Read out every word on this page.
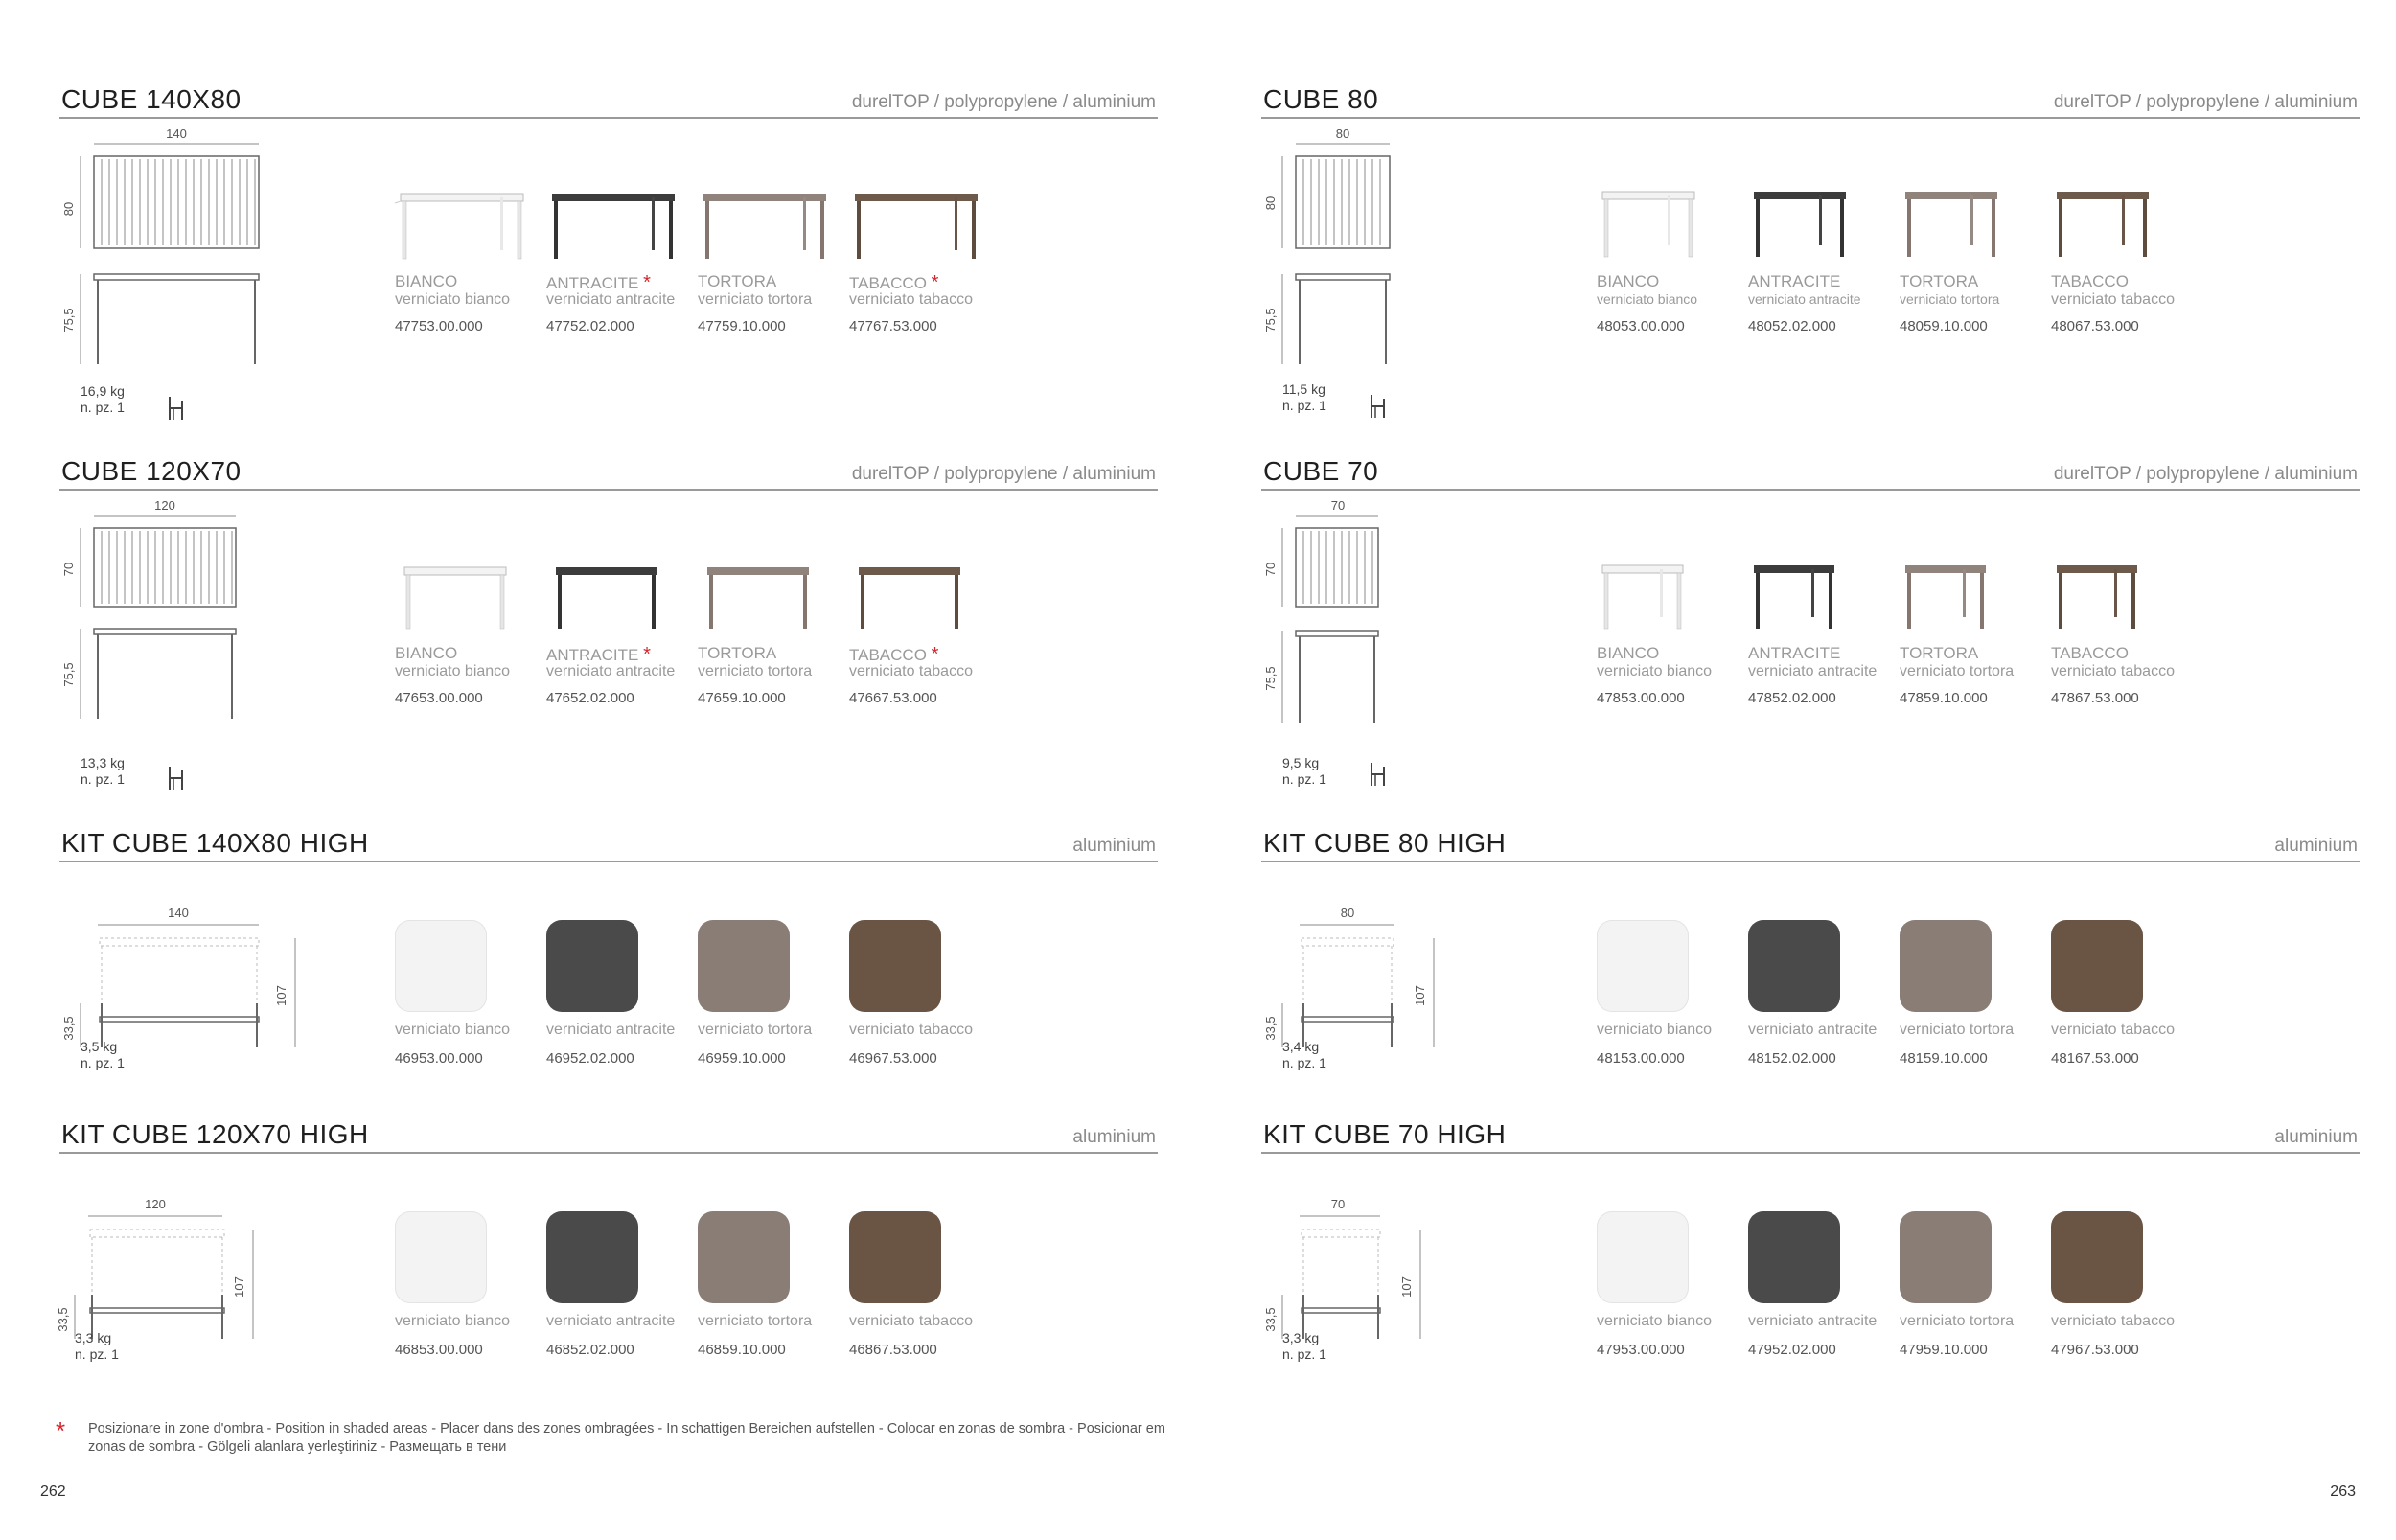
CUBE 140X80	durelTOP / polypropylene / aluminium
140
80
75,5
16,9 kg
n. pz. 1
BIANCO
verniciato bianco
47753.00.000
ANTRACITE *
verniciato antracite
47752.02.000
TORTORA
verniciato tortora
47759.10.000
TABACCO *
verniciato tabacco
47767.53.000
CUBE 120X70	durelTOP / polypropylene / aluminium
120
70
75,5
13,3 kg
n. pz. 1
BIANCO
verniciato bianco
47653.00.000
ANTRACITE *
verniciato antracite
47652.02.000
TORTORA
verniciato tortora
47659.10.000
TABACCO *
verniciato tabacco
47667.53.000
KIT CUBE 140X80 HIGH	aluminium
140
107
33,5
3,5 kg
n. pz. 1
verniciato bianco
46953.00.000
verniciato antracite
46952.02.000
verniciato tortora
46959.10.000
verniciato tabacco
46967.53.000
KIT CUBE 120X70 HIGH	aluminium
120
107
33,5
3,3 kg
n. pz. 1
verniciato bianco
46853.00.000
verniciato antracite
46852.02.000
verniciato tortora
46859.10.000
verniciato tabacco
46867.53.000
CUBE 80	durelTOP / polypropylene / aluminium
80
80
75,5
11,5 kg
n. pz. 1
BIANCO
verniciato bianco
48053.00.000
ANTRACITE
verniciato antracite
48052.02.000
TORTORA
verniciato tortora
48059.10.000
TABACCO
verniciato tabacco
48067.53.000
CUBE 70	durelTOP / polypropylene / aluminium
70
70
75,5
9,5 kg
n. pz. 1
BIANCO
verniciato bianco
47853.00.000
ANTRACITE
verniciato antracite
47852.02.000
TORTORA
verniciato tortora
47859.10.000
TABACCO
verniciato tabacco
47867.53.000
KIT CUBE 80 HIGH	aluminium
80
107
33,5
3,4 kg
n. pz. 1
verniciato bianco
48153.00.000
verniciato antracite
48152.02.000
verniciato tortora
48159.10.000
verniciato tabacco
48167.53.000
KIT CUBE 70 HIGH	aluminium
70
107
33,5
3,3 kg
n. pz. 1
verniciato bianco
47953.00.000
verniciato antracite
47952.02.000
verniciato tortora
47959.10.000
verniciato tabacco
47967.53.000
* Posizionare in zone d'ombra - Position in shaded areas - Placer dans des zones ombragées - In schattigen Bereichen aufstellen - Colocar en zonas de sombra - Posicionar em zonas de sombra - Gölgeli alanlara yerleştiriniz - Размещать в тени
262	263
